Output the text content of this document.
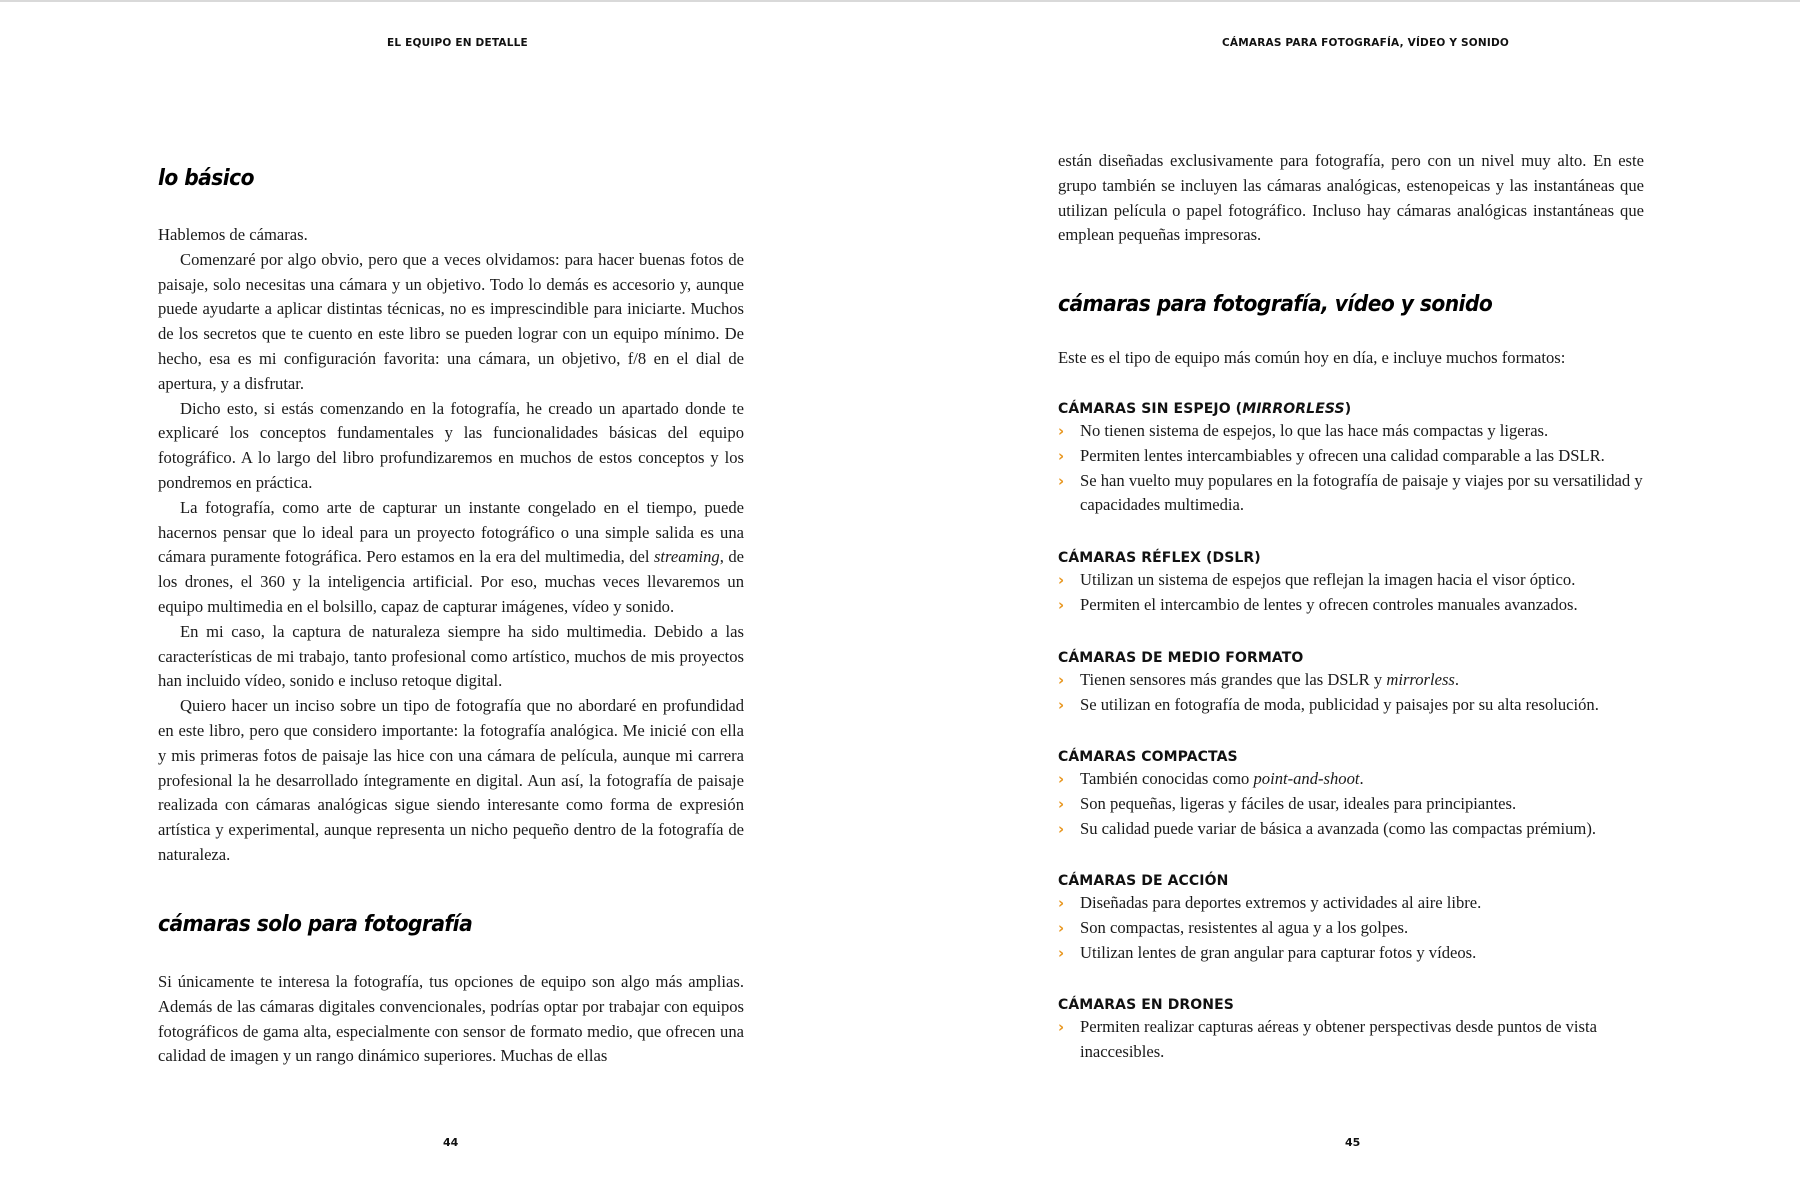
EL EQUIPO EN DETALLE
lo básico

Hablemos de cámaras.

Comenzaré por algo obvio, pero que a veces olvidamos: para hacer buenas fotos de paisaje, solo necesitas una cámara y un objetivo. Todo lo demás es accesorio y, aunque puede ayudarte a aplicar distintas técnicas, no es imprescindible para iniciarte. Muchos de los secretos que te cuento en este libro se pueden lograr con un equipo mínimo. De hecho, esa es mi configuración favorita: una cámara, un objetivo, f/8 en el dial de apertura, y a disfrutar.

Dicho esto, si estás comenzando en la fotografía, he creado un apartado donde te explicaré los conceptos fundamentales y las funcionalidades básicas del equipo fotográfico. A lo largo del libro profundizaremos en muchos de estos conceptos y los pondremos en práctica.

La fotografía, como arte de capturar un instante congelado en el tiempo, puede hacernos pensar que lo ideal para un proyecto fotográfico o una simple salida es una cámara puramente fotográfica. Pero estamos en la era del multimedia, del streaming, de los drones, el 360 y la inteligencia artificial. Por eso, muchas veces llevaremos un equipo multimedia en el bolsillo, capaz de capturar imágenes, vídeo y sonido.

En mi caso, la captura de naturaleza siempre ha sido multimedia. Debido a las características de mi trabajo, tanto profesional como artístico, muchos de mis proyectos han incluido vídeo, sonido e incluso retoque digital.

Quiero hacer un inciso sobre un tipo de fotografía que no abordaré en profundidad en este libro, pero que considero importante: la fotografía analógica. Me inicié con ella y mis primeras fotos de paisaje las hice con una cámara de película, aunque mi carrera profesional la he desarrollado íntegramente en digital. Aun así, la fotografía de paisaje realizada con cámaras analógicas sigue siendo interesante como forma de expresión artística y experimental, aunque representa un nicho pequeño dentro de la fotografía de naturaleza.

cámaras solo para fotografía

Si únicamente te interesa la fotografía, tus opciones de equipo son algo más amplias. Además de las cámaras digitales convencionales, podrías optar por trabajar con equipos fotográficos de gama alta, especialmente con sensor de formato medio, que ofrecen una calidad de imagen y un rango dinámico superiores. Muchas de ellas

44
CÁMARAS PARA FOTOGRAFÍA, VÍDEO Y SONIDO

están diseñadas exclusivamente para fotografía, pero con un nivel muy alto. En este grupo también se incluyen las cámaras analógicas, estenopeicas y las instantáneas que utilizan película o papel fotográfico. Incluso hay cámaras analógicas instantáneas que emplean pequeñas impresoras.

cámaras para fotografía, vídeo y sonido

Este es el tipo de equipo más común hoy en día, e incluye muchos formatos:

CÁMARAS SIN ESPEJO (MIRRORLESS)
› No tienen sistema de espejos, lo que las hace más compactas y ligeras.
› Permiten lentes intercambiables y ofrecen una calidad comparable a las DSLR.
› Se han vuelto muy populares en la fotografía de paisaje y viajes por su versatilidad y capacidades multimedia.
CÁMARAS RÉFLEX (DSLR)
› Utilizan un sistema de espejos que reflejan la imagen hacia el visor óptico.
› Permiten el intercambio de lentes y ofrecen controles manuales avanzados.
CÁMARAS DE MEDIO FORMATO
› Tienen sensores más grandes que las DSLR y mirrorless.
› Se utilizan en fotografía de moda, publicidad y paisajes por su alta resolución.
CÁMARAS COMPACTAS
› También conocidas como point-and-shoot.
› Son pequeñas, ligeras y fáciles de usar, ideales para principiantes.
› Su calidad puede variar de básica a avanzada (como las compactas prémium).
CÁMARAS DE ACCIÓN
› Diseñadas para deportes extremos y actividades al aire libre.
› Son compactas, resistentes al agua y a los golpes.
› Utilizan lentes de gran angular para capturar fotos y vídeos.
CÁMARAS EN DRONES
› Permiten realizar capturas aéreas y obtener perspectivas desde puntos de vista inaccesibles.
45
